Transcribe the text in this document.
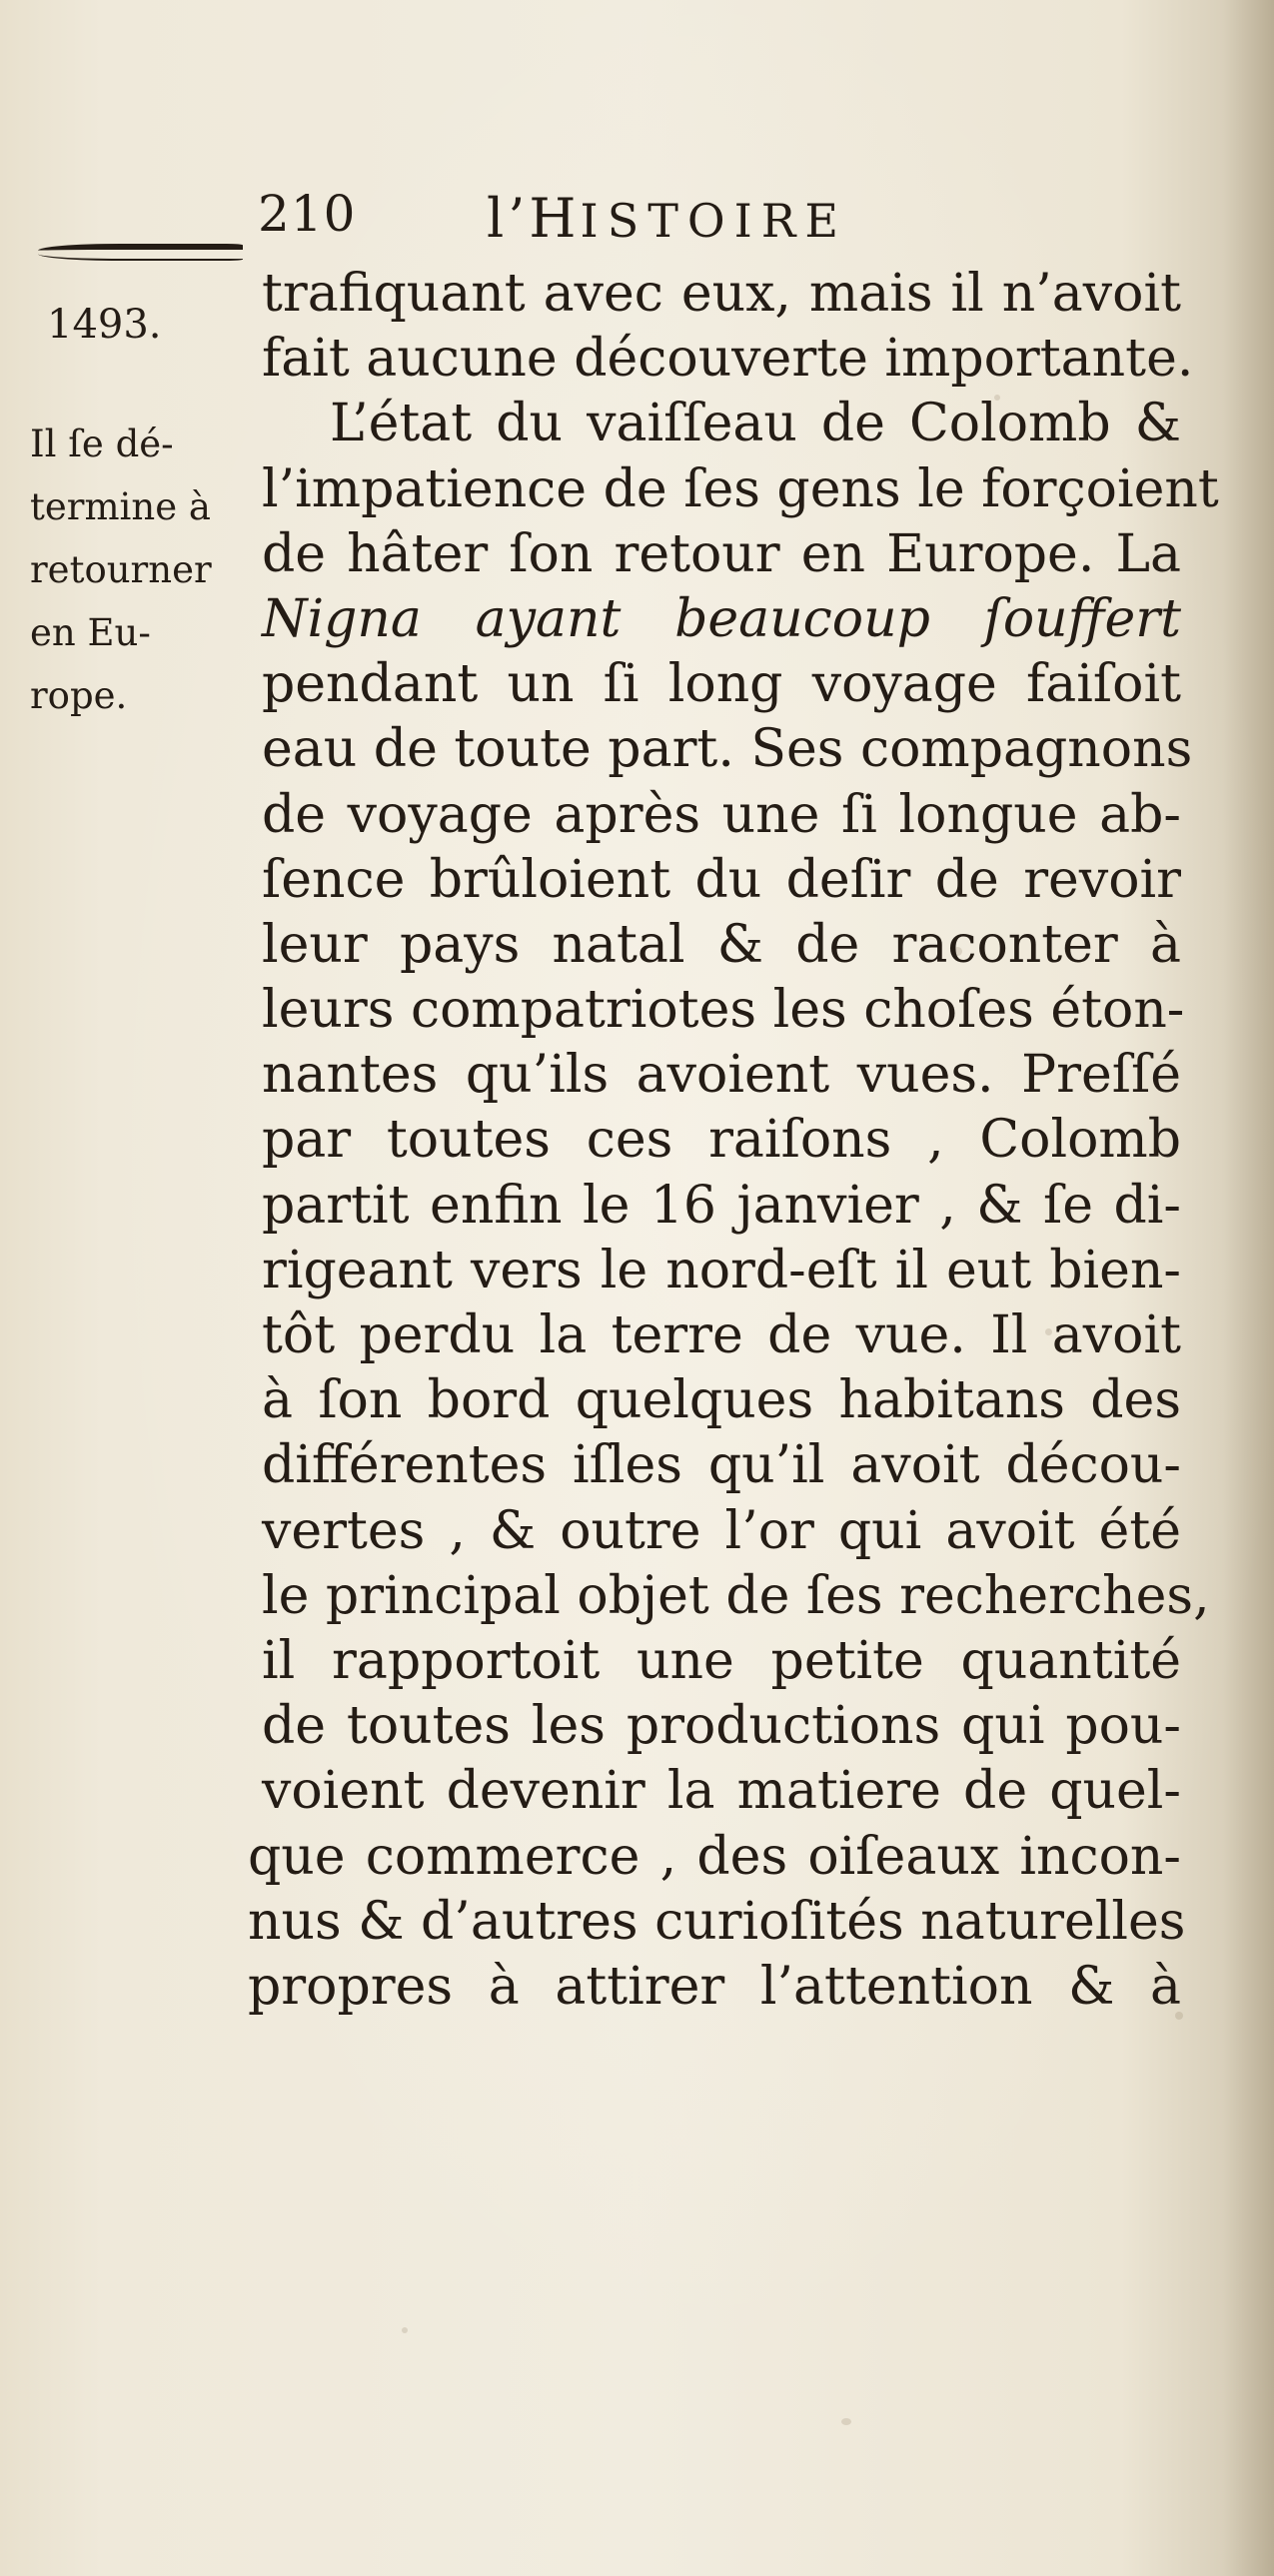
210 l’HISTOIRE
1493.
Il ſe dé-
termine à
retourner
en Eu-
rope.
trafiquant avec eux, mais il n’avoit
fait aucune découverte importante.
L’état du vaiſſeau de Colomb &
l’impatience de ſes gens le forçoient
de hâter ſon retour en Europe. La
Nigna ayant beaucoup ſouffert
pendant un ſi long voyage faiſoit
eau de toute part. Ses compagnons
de voyage après une ſi longue ab-
ſence brûloient du deſir de revoir
leur pays natal & de raconter à
leurs compatriotes les choſes éton-
nantes qu’ils avoient vues. Preſſé
par toutes ces raiſons , Colomb
partit enfin le 16 janvier , & ſe di-
rigeant vers le nord-eſt il eut bien-
tôt perdu la terre de vue. Il avoit
à ſon bord quelques habitans des
différentes iſles qu’il avoit décou-
vertes , & outre l’or qui avoit été
le principal objet de ſes recherches,
il rapportoit une petite quantité
de toutes les productions qui pou-
voient devenir la matiere de quel-
que commerce , des oiſeaux incon-
nus & d’autres curioſités naturelles
propres à attirer l’attention & à
